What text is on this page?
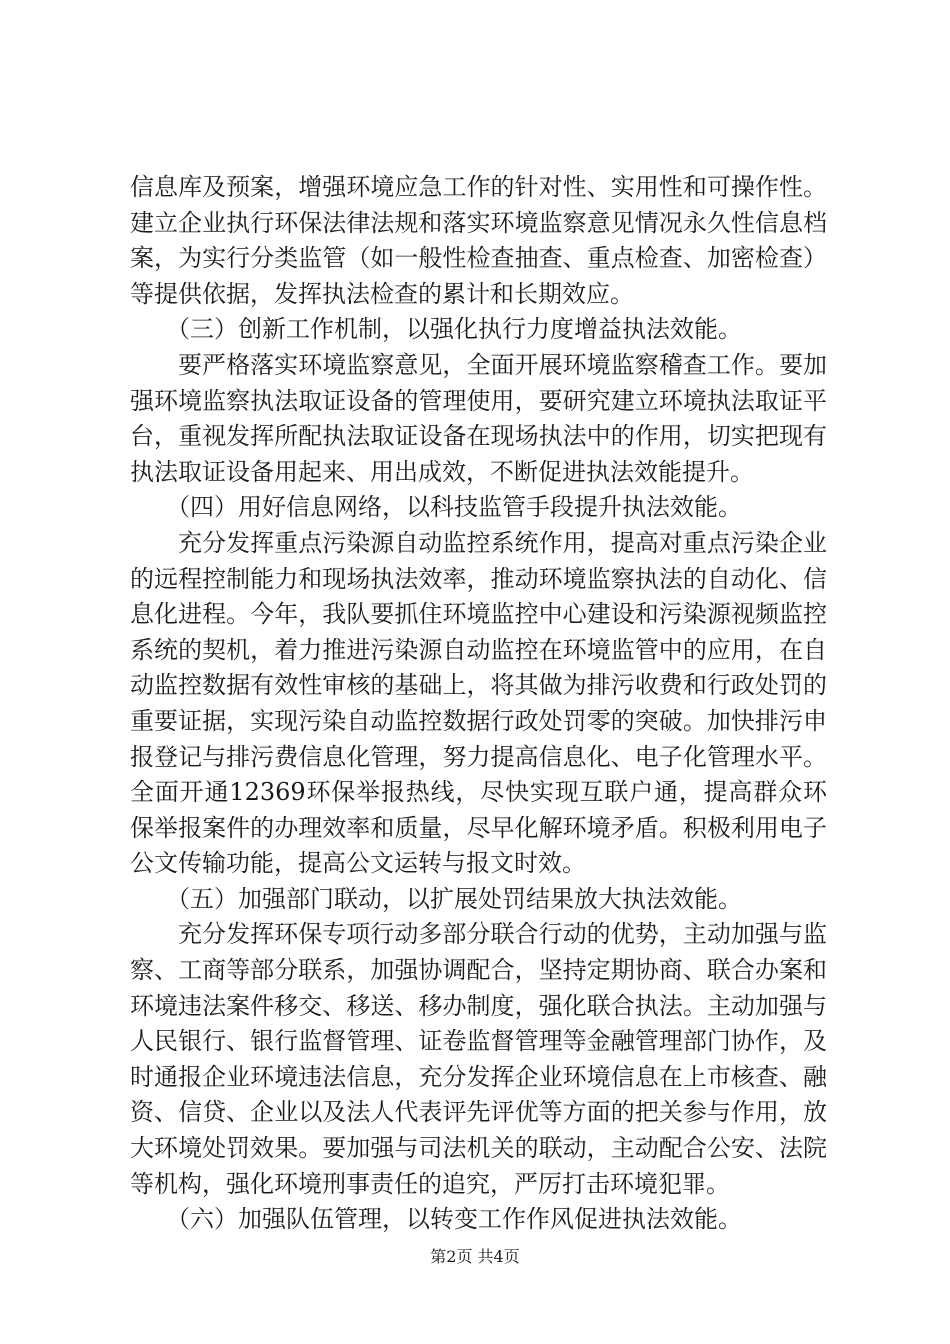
信息库及预案，增强环境应急工作的针对性、实用性和可操作性。建立企业执行环保法律法规和落实环境监察意见情况永久性信息档案，为实行分类监管（如一般性检查抽查、重点检查、加密检查）等提供依据，发挥执法检查的累计和长期效应。

（三）创新工作机制，以强化执行力度增益执法效能。

要严格落实环境监察意见，全面开展环境监察稽查工作。要加强环境监察执法取证设备的管理使用，要研究建立环境执法取证平台，重视发挥所配执法取证设备在现场执法中的作用，切实把现有执法取证设备用起来、用出成效，不断促进执法效能提升。

（四）用好信息网络，以科技监管手段提升执法效能。

充分发挥重点污染源自动监控系统作用，提高对重点污染企业的远程控制能力和现场执法效率，推动环境监察执法的自动化、信息化进程。今年，我队要抓住环境监控中心建设和污染源视频监控系统的契机，着力推进污染源自动监控在环境监管中的应用，在自动监控数据有效性审核的基础上，将其做为排污收费和行政处罚的重要证据，实现污染自动监控数据行政处罚零的突破。加快排污申报登记与排污费信息化管理，努力提高信息化、电子化管理水平。全面开通12369环保举报热线，尽快实现互联户通，提高群众环保举报案件的办理效率和质量，尽早化解环境矛盾。积极利用电子公文传输功能，提高公文运转与报文时效。

（五）加强部门联动，以扩展处罚结果放大执法效能。

充分发挥环保专项行动多部分联合行动的优势，主动加强与监察、工商等部分联系，加强协调配合，坚持定期协商、联合办案和环境违法案件移交、移送、移办制度，强化联合执法。主动加强与人民银行、银行监督管理、证卷监督管理等金融管理部门协作，及时通报企业环境违法信息，充分发挥企业环境信息在上市核查、融资、信贷、企业以及法人代表评先评优等方面的把关参与作用，放大环境处罚效果。要加强与司法机关的联动，主动配合公安、法院等机构，强化环境刑事责任的追究，严厉打击环境犯罪。

（六）加强队伍管理，以转变工作作风促进执法效能。

第2页 共4页
